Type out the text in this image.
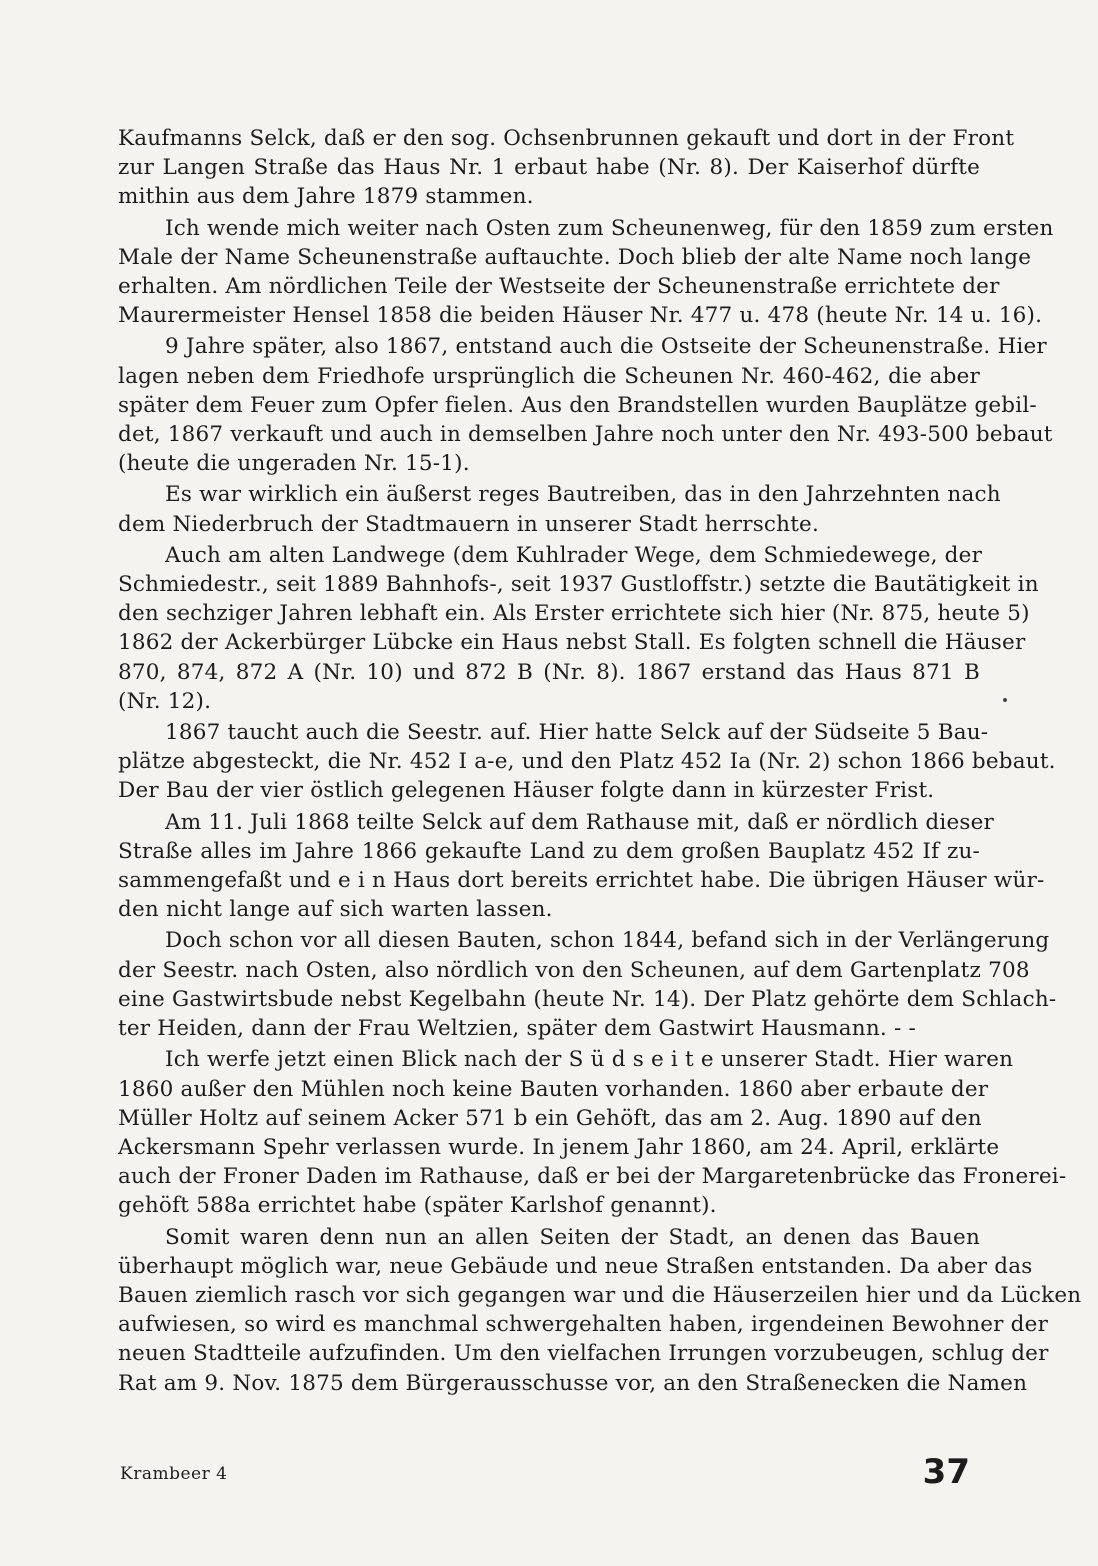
Kaufmanns Selck, daß er den sog. Ochsenbrunnen gekauft und dort in der Front
zur Langen Straße das Haus Nr. 1 erbaut habe (Nr. 8). Der Kaiserhof dürfte
mithin aus dem Jahre 1879 stammen.

Ich wende mich weiter nach Osten zum Scheunenweg, für den 1859 zum ersten
Male der Name Scheunenstraße auftauchte. Doch blieb der alte Name noch lange
erhalten. Am nördlichen Teile der Westseite der Scheunenstraße errichtete der
Maurermeister Hensel 1858 die beiden Häuser Nr. 477 u. 478 (heute Nr. 14 u. 16).

9 Jahre später, also 1867, entstand auch die Ostseite der Scheunenstraße. Hier
lagen neben dem Friedhofe ursprünglich die Scheunen Nr. 460-462, die aber
später dem Feuer zum Opfer fielen. Aus den Brandstellen wurden Bauplätze gebil-
det, 1867 verkauft und auch in demselben Jahre noch unter den Nr. 493-500 bebaut
(heute die ungeraden Nr. 15-1).

Es war wirklich ein äußerst reges Bautreiben, das in den Jahrzehnten nach
dem Niederbruch der Stadtmauern in unserer Stadt herrschte.

Auch am alten Landwege (dem Kuhlrader Wege, dem Schmiedewege, der
Schmiedestr., seit 1889 Bahnhofs-, seit 1937 Gustloffstr.) setzte die Bautätigkeit in
den sechziger Jahren lebhaft ein. Als Erster errichtete sich hier (Nr. 875, heute 5)
1862 der Ackerbürger Lübcke ein Haus nebst Stall. Es folgten schnell die Häuser
870, 874, 872 A (Nr. 10) und 872 B (Nr. 8). 1867 erstand das Haus 871 B
(Nr. 12).

1867 taucht auch die Seestr. auf. Hier hatte Selck auf der Südseite 5 Bau-
plätze abgesteckt, die Nr. 452 I a-e, und den Platz 452 Ia (Nr. 2) schon 1866 bebaut.
Der Bau der vier östlich gelegenen Häuser folgte dann in kürzester Frist.

Am 11. Juli 1868 teilte Selck auf dem Rathause mit, daß er nördlich dieser
Straße alles im Jahre 1866 gekaufte Land zu dem großen Bauplatz 452 If zu-
sammengefaßt und e i n Haus dort bereits errichtet habe. Die übrigen Häuser wür-
den nicht lange auf sich warten lassen.

Doch schon vor all diesen Bauten, schon 1844, befand sich in der Verlängerung
der Seestr. nach Osten, also nördlich von den Scheunen, auf dem Gartenplatz 708
eine Gastwirtsbude nebst Kegelbahn (heute Nr. 14). Der Platz gehörte dem Schlach-
ter Heiden, dann der Frau Weltzien, später dem Gastwirt Hausmann. - -

Ich werfe jetzt einen Blick nach der S ü d s e i t e unserer Stadt. Hier waren
1860 außer den Mühlen noch keine Bauten vorhanden. 1860 aber erbaute der
Müller Holtz auf seinem Acker 571 b ein Gehöft, das am 2. Aug. 1890 auf den
Ackersmann Spehr verlassen wurde. In jenem Jahr 1860, am 24. April, erklärte
auch der Froner Daden im Rathause, daß er bei der Margaretenbrücke das Fronerei-
gehöft 588a errichtet habe (später Karlshof genannt).

Somit waren denn nun an allen Seiten der Stadt, an denen das Bauen
überhaupt möglich war, neue Gebäude und neue Straßen entstanden. Da aber das
Bauen ziemlich rasch vor sich gegangen war und die Häuserzeilen hier und da Lücken
aufwiesen, so wird es manchmal schwergehalten haben, irgendeinen Bewohner der
neuen Stadtteile aufzufinden. Um den vielfachen Irrungen vorzubeugen, schlug der
Rat am 9. Nov. 1875 dem Bürgerausschusse vor, an den Straßenecken die Namen

Krambeer 4	37
